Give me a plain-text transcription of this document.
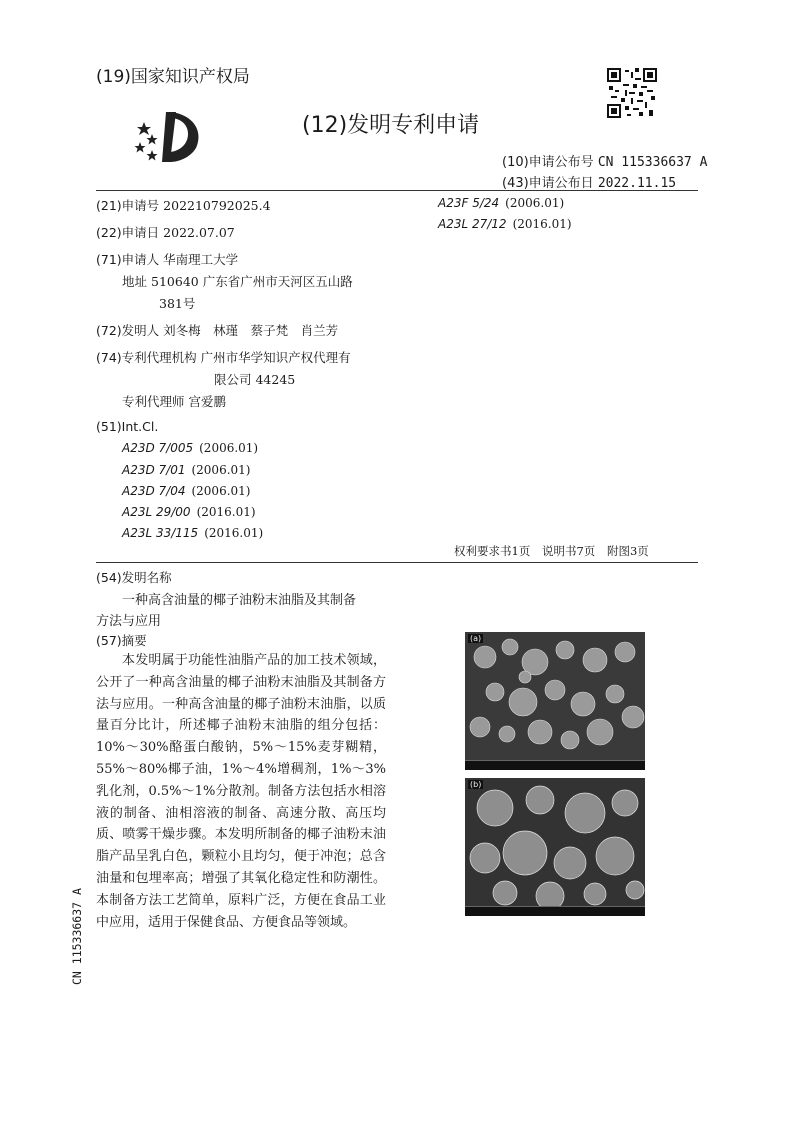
(19)国家知识产权局
(12)发明专利申请
(10)申请公布号 CN 115336637 A
(43)申请公布日 2022.11.15
(21)申请号 202210792025.4
(22)申请日 2022.07.07
(71)申请人 华南理工大学
地址 510640 广东省广州市天河区五山路
381号
(72)发明人 刘冬梅　林瑾　蔡子梵　肖兰芳
(74)专利代理机构 广州市华学知识产权代理有
限公司 44245
专利代理师 宫爱鹏
(51)Int.Cl.
A23D 7/005 (2006.01)
A23D 7/01 (2006.01)
A23D 7/04 (2006.01)
A23L 29/00 (2016.01)
A23L 33/115 (2016.01)
A23F 5/24 (2006.01)
A23L 27/12 (2016.01)
权利要求书1页 说明书7页 附图3页
(54)发明名称
一种高含油量的椰子油粉末油脂及其制备
方法与应用
(57)摘要

本发明属于功能性油脂产品的加工技术领域，公开了一种高含油量的椰子油粉末油脂及其制备方法与应用。一种高含油量的椰子油粉末油脂，以质量百分比计，所述椰子油粉末油脂的组分包括：10%～30%酪蛋白酸钠，5%～15%麦芽糊精，55%～80%椰子油，1%～4%增稠剂，1%～3%乳化剂，0.5%～1%分散剂。制备方法包括水相溶液的制备、油相溶液的制备、高速分散、高压均质、喷雾干燥步骤。本发明所制备的椰子油粉末油脂产品呈乳白色，颗粒小且均匀，便于冲泡；总含油量和包埋率高；增强了其氧化稳定性和防潮性。本制备方法工艺简单，原料广泛，方便在食品工业中应用，适用于保健食品、方便食品等领域。

(a)
(b)
CN 115336637 A
